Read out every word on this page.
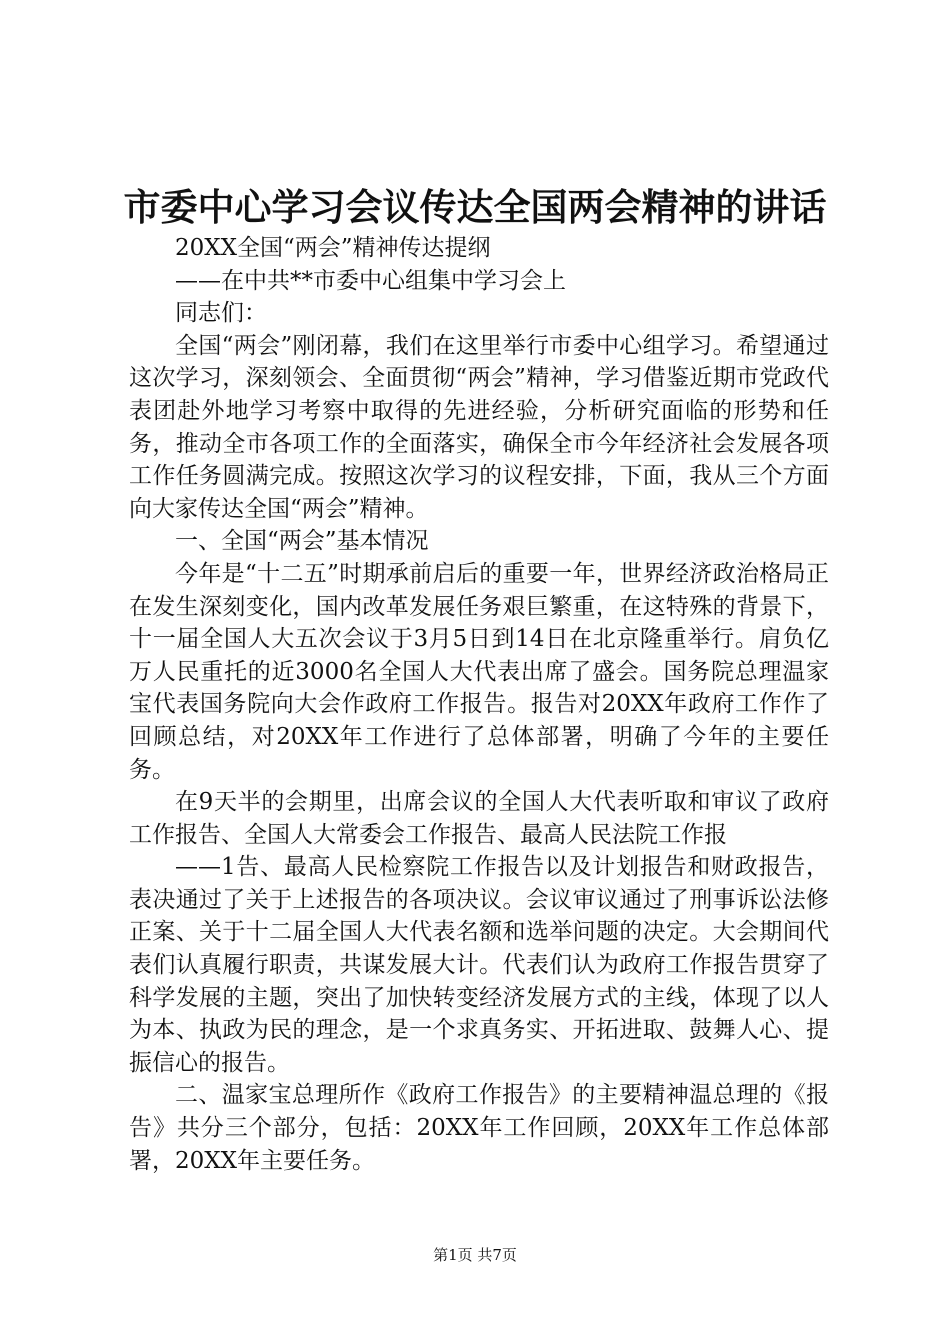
市委中心学习会议传达全国两会精神的讲话

20XX全国“两会”精神传达提纲

——在中共**市委中心组集中学习会上

同志们：

全国“两会”刚闭幕，我们在这里举行市委中心组学习。希望通过这次学习，深刻领会、全面贯彻“两会”精神，学习借鉴近期市党政代表团赴外地学习考察中取得的先进经验，分析研究面临的形势和任务，推动全市各项工作的全面落实，确保全市今年经济社会发展各项工作任务圆满完成。按照这次学习的议程安排，下面，我从三个方面向大家传达全国“两会”精神。

一、全国“两会”基本情况

今年是“十二五”时期承前启后的重要一年，世界经济政治格局正在发生深刻变化，国内改革发展任务艰巨繁重，在这特殊的背景下，十一届全国人大五次会议于3月5日到14日在北京隆重举行。肩负亿万人民重托的近3000名全国人大代表出席了盛会。国务院总理温家宝代表国务院向大会作政府工作报告。报告对20XX年政府工作作了回顾总结，对20XX年工作进行了总体部署，明确了今年的主要任务。

在9天半的会期里，出席会议的全国人大代表听取和审议了政府工作报告、全国人大常委会工作报告、最高人民法院工作报

——1告、最高人民检察院工作报告以及计划报告和财政报告，表决通过了关于上述报告的各项决议。会议审议通过了刑事诉讼法修正案、关于十二届全国人大代表名额和选举问题的决定。大会期间代表们认真履行职责，共谋发展大计。代表们认为政府工作报告贯穿了科学发展的主题，突出了加快转变经济发展方式的主线，体现了以人为本、执政为民的理念，是一个求真务实、开拓进取、鼓舞人心、提振信心的报告。

二、温家宝总理所作《政府工作报告》的主要精神温总理的《报告》共分三个部分，包括：20XX年工作回顾，20XX年工作总体部署，20XX年主要任务。

第1页 共7页
